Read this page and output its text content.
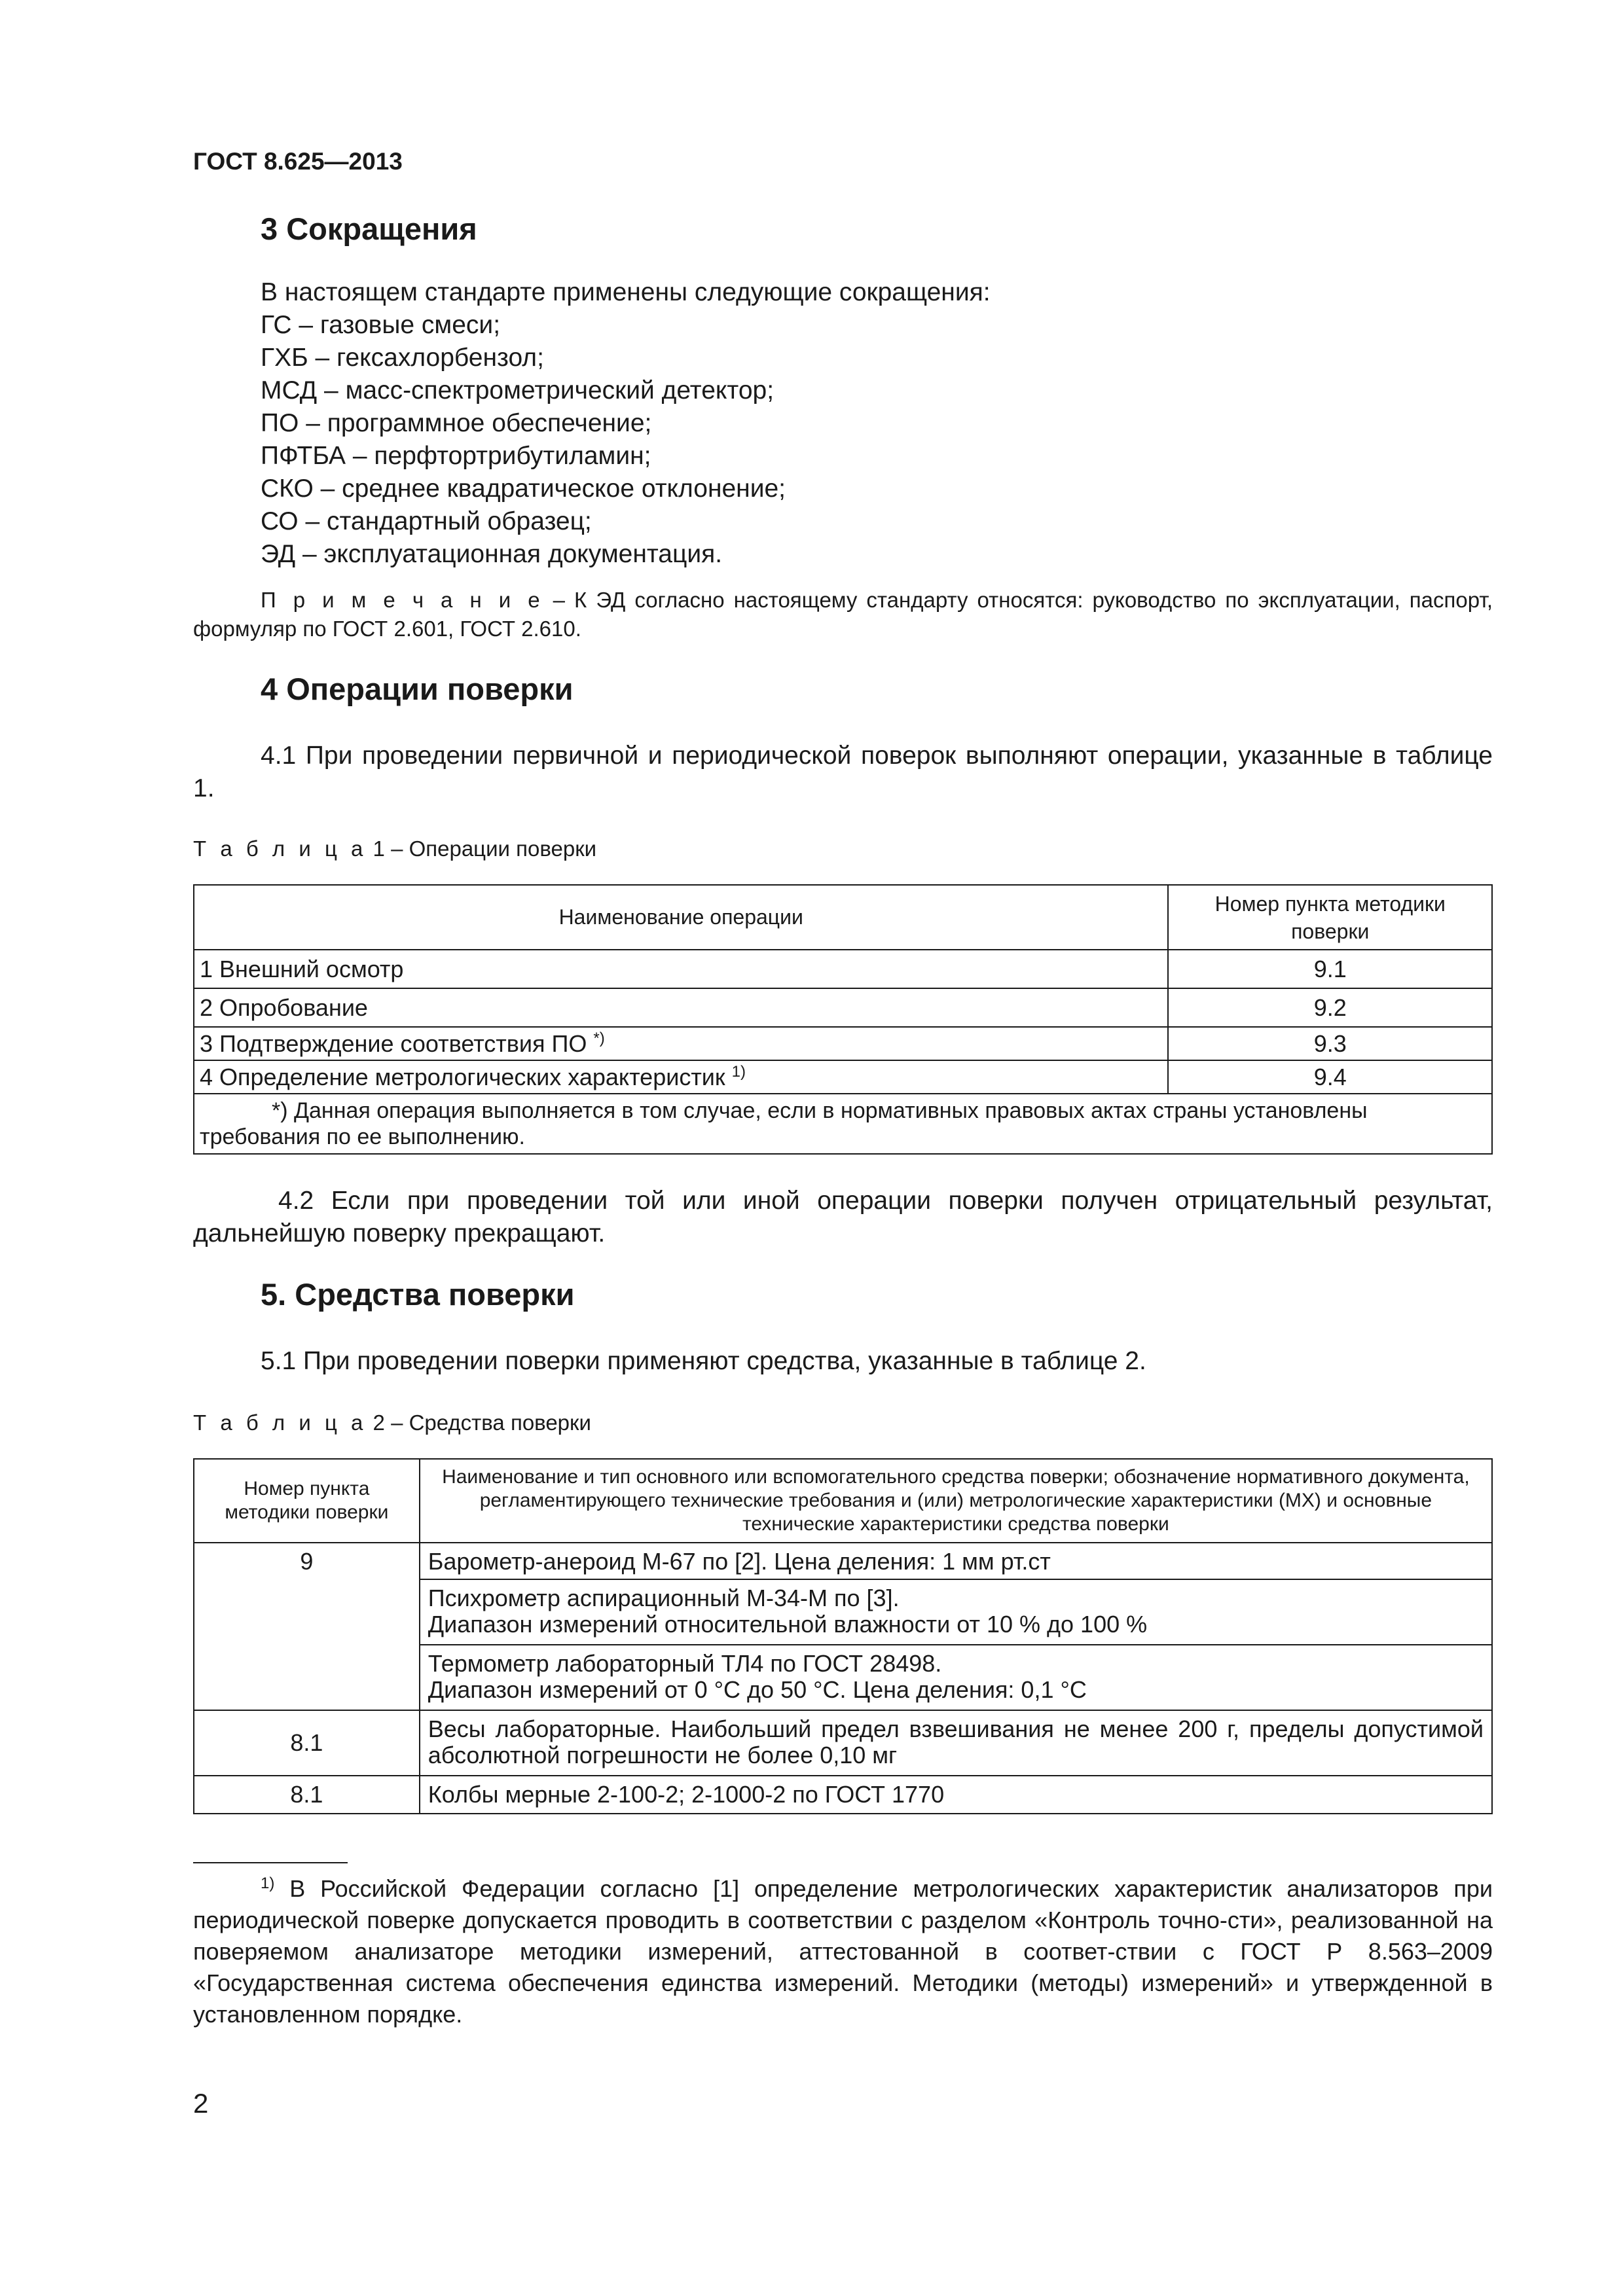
ГОСТ 8.625—2013
3 Сокращения
В настоящем стандарте применены следующие сокращения:
ГС – газовые смеси;
ГХБ – гексахлорбензол;
МСД – масс-спектрометрический детектор;
ПО – программное обеспечение;
ПФТБА – перфтортрибутиламин;
СКО – среднее квадратическое отклонение;
СО – стандартный образец;
ЭД – эксплуатационная документация.
П р и м е ч а н и е – К ЭД согласно настоящему стандарту относятся: руководство по эксплуатации, паспорт, формуляр по ГОСТ 2.601, ГОСТ 2.610.
4 Операции поверки
4.1 При проведении первичной и периодической поверок выполняют операции, указанные в таблице 1.
Т а б л и ц а 1 – Операции поверки
Наименование операции	Номер пункта методики поверки
1 Внешний осмотр	9.1
2 Опробование	9.2
3 Подтверждение соответствия ПО *)	9.3
4 Определение метрологических характеристик $^{1)}$	9.4
*) Данная операция выполняется в том случае, если в нормативных правовых актах страны установлены требования по ее выполнению.	
4.2 Если при проведении той или иной операции поверки получен отрицательный результат, дальнейшую поверку прекращают.
5. Средства поверки
5.1 При проведении поверки применяют средства, указанные в таблице 2.
Т а б л и ц а 2 – Средства поверки
Номер пункта методики поверки	Наименование и тип основного или вспомогательного средства поверки; обозначение нормативного документа, регламентирующего технические требования и (или) метрологические характеристики (МХ) и основные технические характеристики средства поверки
9	Барометр-анероид М-67 по [2]. Цена деления: 1 мм рт.ст

	Психрометр аспирационный М-34-М по [3].
Диапазон измерений относительной влажности от 10 % до 100 %

	Термометр лабораторный ТЛ4 по ГОСТ 28498.
Диапазон измерений от 0 °С до 50 °С. Цена деления: 0,1 °С

8.1	Весы лабораторные. Наибольший предел взвешивания не менее 200 г, пределы допустимой абсолютной погрешности не более 0,10 мг

8.1	Колбы мерные 2-100-2; 2-1000-2 по ГОСТ 1770
$^{1)}$ В Российской Федерации согласно [1] определение метрологических характеристик анализаторов при периодической поверке допускается проводить в соответствии с разделом «Контроль точно-сти», реализованной на поверяемом анализаторе методики измерений, аттестованной в соответ-ствии с ГОСТ Р 8.563–2009 «Государственная система обеспечения единства измерений. Методики (методы) измерений» и утвержденной в установленном порядке.
2
